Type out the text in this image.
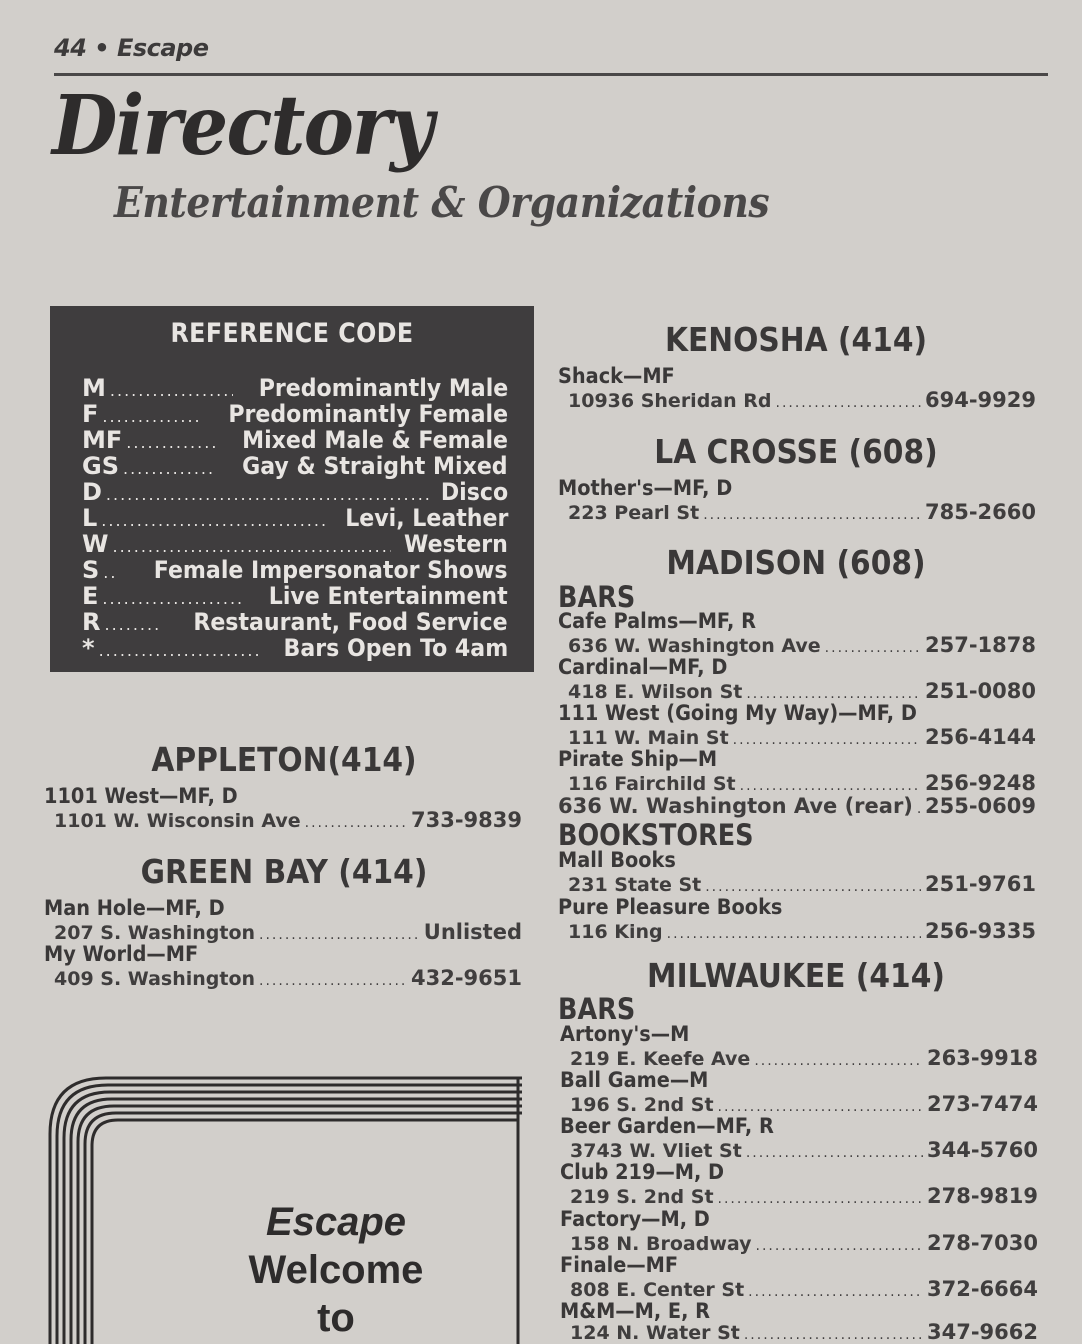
44 • Escape
Directory
Entertainment & Organizations
REFERENCE CODE
M .....	Predominantly Male
F .....	Predominantly Female
MF .....	Mixed Male & Female
GS .....	Gay & Straight Mixed
D .....	Disco
L .....	Levi, Leather
W .....	Western
S ..... Female Impersonator Shows
E .....	Live Entertainment
R .....	Restaurant, Food Service
* .....	Bars Open To 4am
APPLETON(414)
1101 West—MF, D
1101 W. Wisconsin Ave .....	733-9839
GREEN BAY (414)
Man Hole—MF, D
207 S. Washington .....	Unlisted
My World—MF
409 S. Washington .....	432-9651
Escape
Welcome
to
KENOSHA (414)
Shack—MF
10936 Sheridan Rd .....	694-9929
LA CROSSE (608)
Mother's—MF, D
223 Pearl St .....	785-2660
MADISON (608)
BARS
Cafe Palms—MF, R
636 W. Washington Ave .....	257-1878
Cardinal—MF, D
418 E. Wilson St .....	251-0080
111 West (Going My Way)—MF, D
111 W. Main St .....	256-4144
Pirate Ship—M
116 Fairchild St .....	256-9248
636 W. Washington Ave (rear) ..... 255-0609
BOOKSTORES
Mall Books
231 State St .....	251-9761
Pure Pleasure Books
116 King .....	256-9335
MILWAUKEE (414)
BARS
Artony's—M
219 E. Keefe Ave .....	263-9918
Ball Game—M
196 S. 2nd St .....	273-7474
Beer Garden—MF, R
3743 W. Vliet St .....	344-5760
Club 219—M, D
219 S. 2nd St .....	278-9819
Factory—M, D
158 N. Broadway .....	278-7030
Finale—MF
808 E. Center St .....	372-6664
M&M—M, E, R
124 N. Water St .....	347-9662
